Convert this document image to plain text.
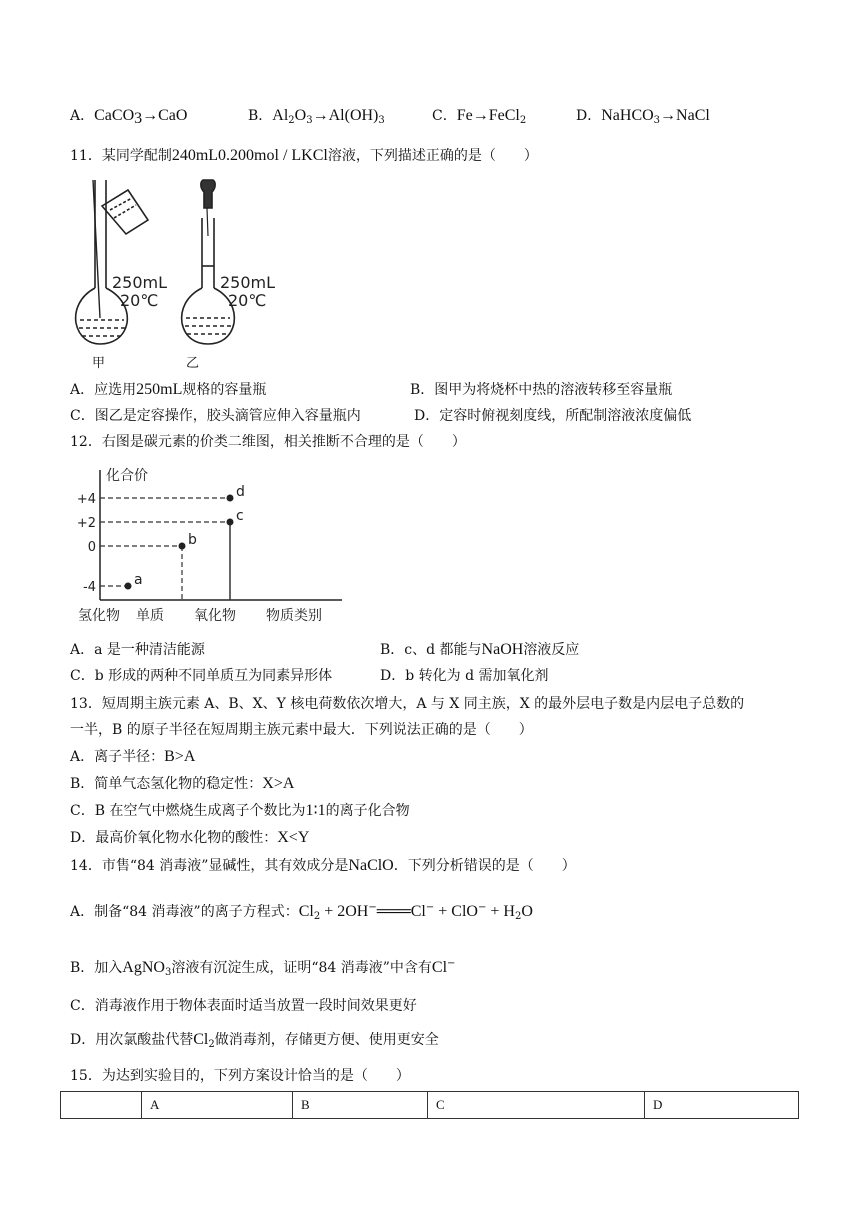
A．CaCO$_3$→CaO	B．$Al_2O_3\to Al(OH)_3$	C．Fe→FeCl$_2$	D．NaHCO$_3$→NaCl
11．某同学配制240mL0.200mol / LKCl溶液，下列描述正确的是（　　）
250mL
20℃
250mL
20℃
甲	乙
A．应选用250mL规格的容量瓶	B．图甲为将烧杯中热的溶液转移至容量瓶
C．图乙是定容操作，胶头滴管应伸入容量瓶内	D．定容时俯视刻度线，所配制溶液浓度偏低
12．右图是碳元素的价类二维图，相关推断不合理的是（　　）
化合价
物质类别
+4
+2
0
-4
氢化物 单质 氧化物
a
b
c
d
A．a 是一种清洁能源	B．c、d 都能与NaOH溶液反应
C．b 形成的两种不同单质互为同素异形体	D．b 转化为 d 需加氧化剂
13．短周期主族元素 A、B、X、Y 核电荷数依次增大，A 与 X 同主族，X 的最外层电子数是内层电子总数的
一半，B 的原子半径在短周期主族元素中最大．下列说法正确的是（　　）
A．离子半径：B>A
B．简单气态氢化物的稳定性：X>A
C．B 在空气中燃烧生成离子个数比为1∶1的离子化合物
D．最高价氧化物水化物的酸性：X<Y
14．市售“84 消毒液”显碱性，其有效成分是NaClO．下列分析错误的是（　　）
A．制备“84 消毒液”的离子方程式：$Cl_2$ + 2OH−═══Cl− + $ClO^- + H_2O$
B．加入AgNO$_3$溶液有沉淀生成，证明“84 消毒液”中含有Cl−
C．消毒液作用于物体表面时适当放置一段时间效果更好
D．用次氯酸盐代替$Cl_2$做消毒剂，存储更方便、使用更安全
15．为达到实验目的，下列方案设计恰当的是（　　）
	A	B	C	D
